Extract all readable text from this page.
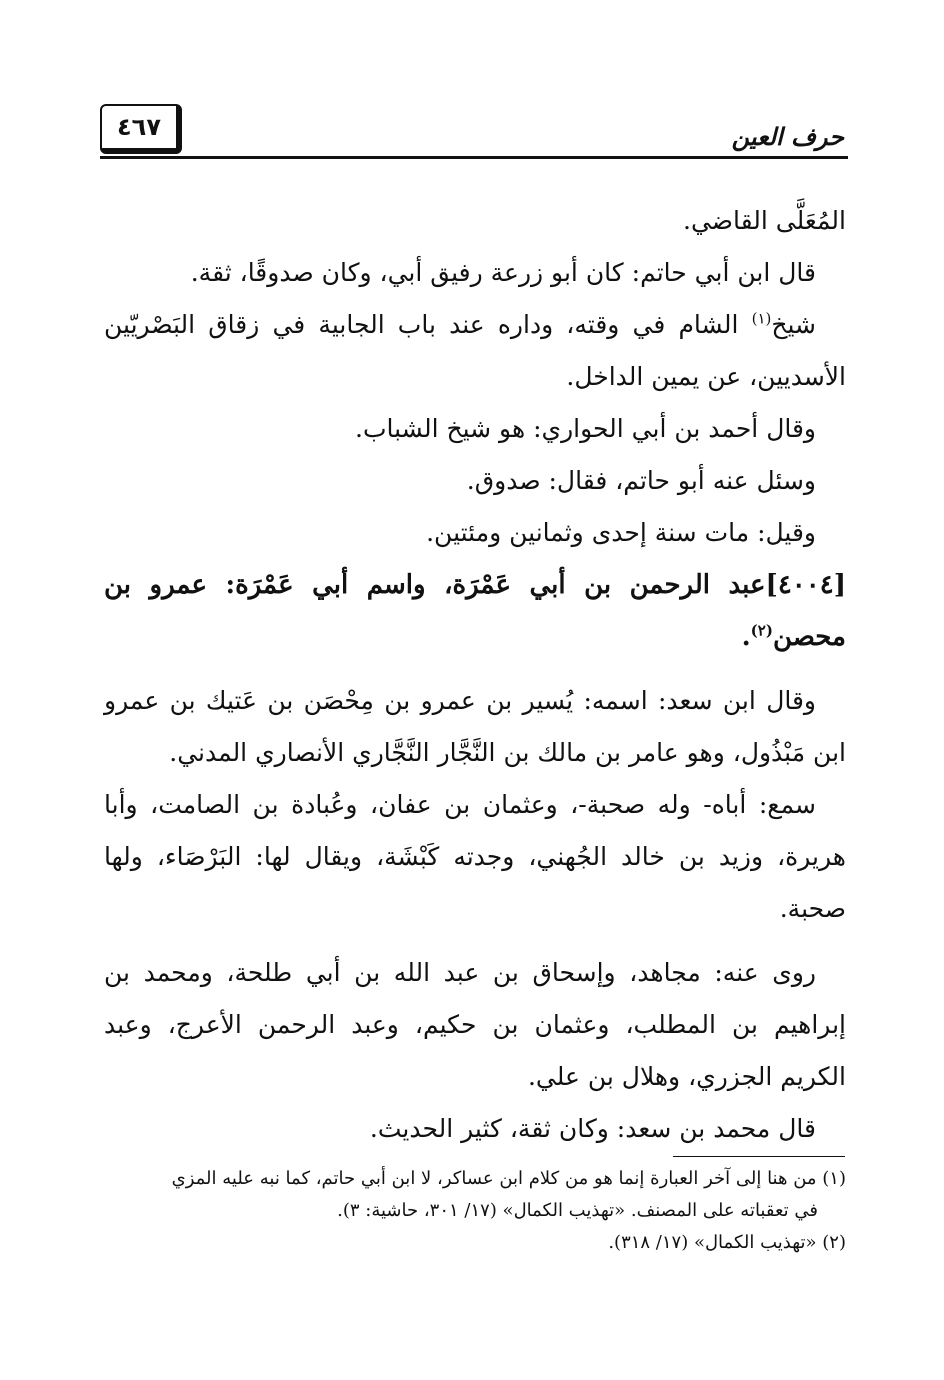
٤٦٧	حرف العين

المُعَلَّى القاضي.

قال ابن أبي حاتم: كان أبو زرعة رفيق أبي، وكان صدوقًا، ثقة.

شيخ$^{(١)}$ الشام في وقته، وداره عند باب الجابية في زقاق البَصْريّين الأسديين، عن يمين الداخل.

وقال أحمد بن أبي الحواري: هو شيخ الشباب.

وسئل عنه أبو حاتم، فقال: صدوق.

وقيل: مات سنة إحدى وثمانين ومئتين.

[٤٠٠٤]عبد الرحمن بن أبي عَمْرَة، واسم أبي عَمْرَة: عمرو بن محصن$^{(٢)}$.

وقال ابن سعد: اسمه: يُسير بن عمرو بن مِحْصَن بن عَتيك بن عمرو ابن مَبْذُول، وهو عامر بن مالك بن النَّجَّار النَّجَّاري الأنصاري المدني.

سمع: أباه- وله صحبة-، وعثمان بن عفان، وعُبادة بن الصامت، وأبا هريرة، وزيد بن خالد الجُهني، وجدته كَبْشَة، ويقال لها: البَرْصَاء، ولها صحبة.

روى عنه: مجاهد، وإسحاق بن عبد الله بن أبي طلحة، ومحمد بن إبراهيم بن المطلب، وعثمان بن حكيم، وعبد الرحمن الأعرج، وعبد الكريم الجزري، وهلال بن علي.

قال محمد بن سعد: وكان ثقة، كثير الحديث.

(١) من هنا إلى آخر العبارة إنما هو من كلام ابن عساكر، لا ابن أبي حاتم، كما نبه عليه المزي

في تعقباته على المصنف. «تهذيب الكمال» (١٧/ ٣٠١، حاشية: ٣).

(٢) «تهذيب الكمال» (١٧/ ٣١٨).
